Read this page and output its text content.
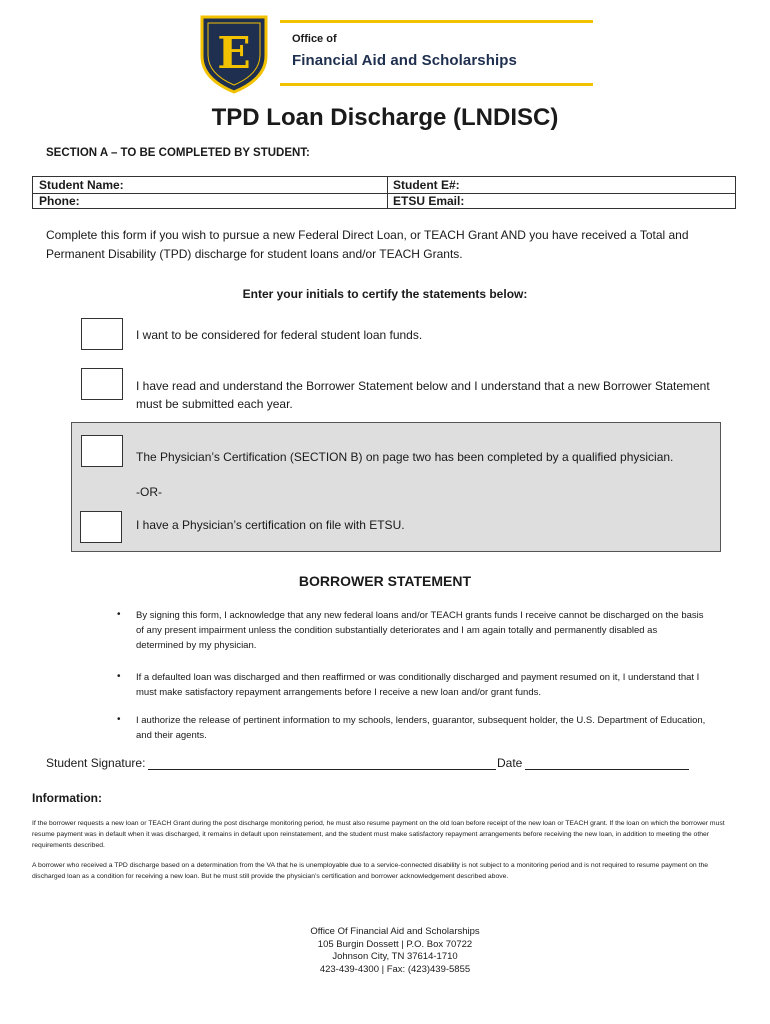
E	Office of
Financial Aid and Scholarships
TPD Loan Discharge (LNDISC)
SECTION A – TO BE COMPLETED BY STUDENT:
Student Name:
Phone:
Student E#:
ETSU Email:
Complete this form if you wish to pursue a new Federal Direct Loan, or TEACH Grant AND you have received a Total and Permanent Disability (TPD) discharge for student loans and/or TEACH Grants.
Enter your initials to certify the statements below:
I want to be considered for federal student loan funds.
I have read and understand the Borrower Statement below and I understand that a new Borrower Statement must be submitted each year.
The Physician’s Certification (SECTION B) on page two has been completed by a qualified physician.
-OR-
I have a Physician’s certification on file with ETSU.
BORROWER STATEMENT
• By signing this form, I acknowledge that any new federal loans and/or TEACH grants funds I receive cannot be discharged on the basis of any present impairment unless the condition substantially deteriorates and I am again totally and permanently disabled as determined by my physician.
• If a defaulted loan was discharged and then reaffirmed or was conditionally discharged and payment resumed on it, I understand that I must make satisfactory repayment arrangements before I receive a new loan and/or grant funds.
• I authorize the release of pertinent information to my schools, lenders, guarantor, subsequent holder, the U.S. Department of Education, and their agents.
Student Signature:	Date
Information:
If the borrower requests a new loan or TEACH Grant during the post discharge monitoring period, he must also resume payment on the old loan before receipt of the new loan or TEACH grant. If the loan on which the borrower must resume payment was in default when it was discharged, it remains in default upon reinstatement, and the student must make satisfactory repayment arrangements before receiving the new loan, in addition to meeting the other requirements described.
A borrower who received a TPD discharge based on a determination from the VA that he is unemployable due to a service-connected disability is not subject to a monitoring period and is not required to resume payment on the discharged loan as a condition for receiving a new loan. But he must still provide the physician’s certification and borrower acknowledgement described above.
Office Of Financial Aid and Scholarships
105 Burgin Dossett | P.O. Box 70722
Johnson City, TN 37614-1710
423-439-4300 | Fax: (423)439-5855
